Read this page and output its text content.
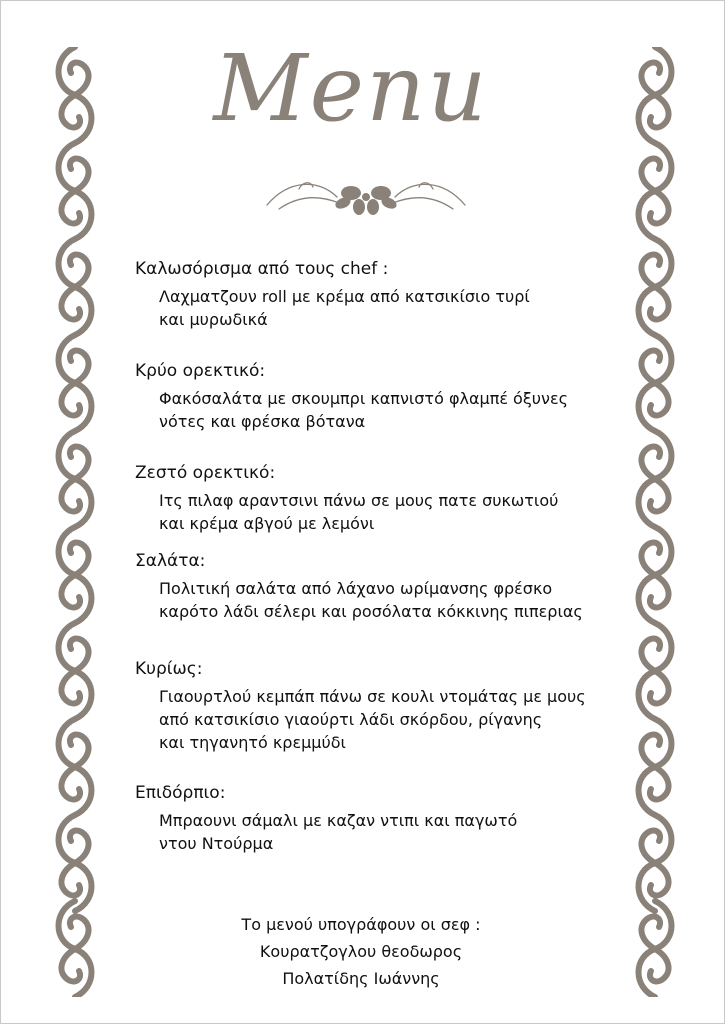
Menu

Καλωσόρισμα από τους chef :

Λαχματζουν roll με κρέμα από κατσικίσιο τυρί
και μυρωδικά

Κρύο ορεκτικό:

Φακόσαλάτα με σκουμπρι καπνιστό φλαμπέ όξυνες
νότες και φρέσκα βότανα

Ζεστό ορεκτικό:

Ιτς πιλαφ αραντσινι πάνω σε μους πατε συκωτιού
και κρέμα αβγού με λεμόνι

Σαλάτα:

Πολιτική σαλάτα από λάχανο ωρίμανσης φρέσκο
καρότο λάδι σέλερι και ροσόλατα κόκκινης πιπεριας

Κυρίως:

Γιαουρτλού κεμπάπ πάνω σε κουλι ντομάτας με μους
από κατσικίσιο γιαούρτι λάδι σκόρδου, ρίγανης
και τηγανητό κρεμμύδι

Επιδόρπιο:

Μπραουνι σάμαλι με καζαν ντιπι και παγωτό
ντου Ντούρμα

Το μενού υπογράφουν οι σεφ :
Κουρατζογλου θεοδωρος
Πολατίδης Ιωάννης
